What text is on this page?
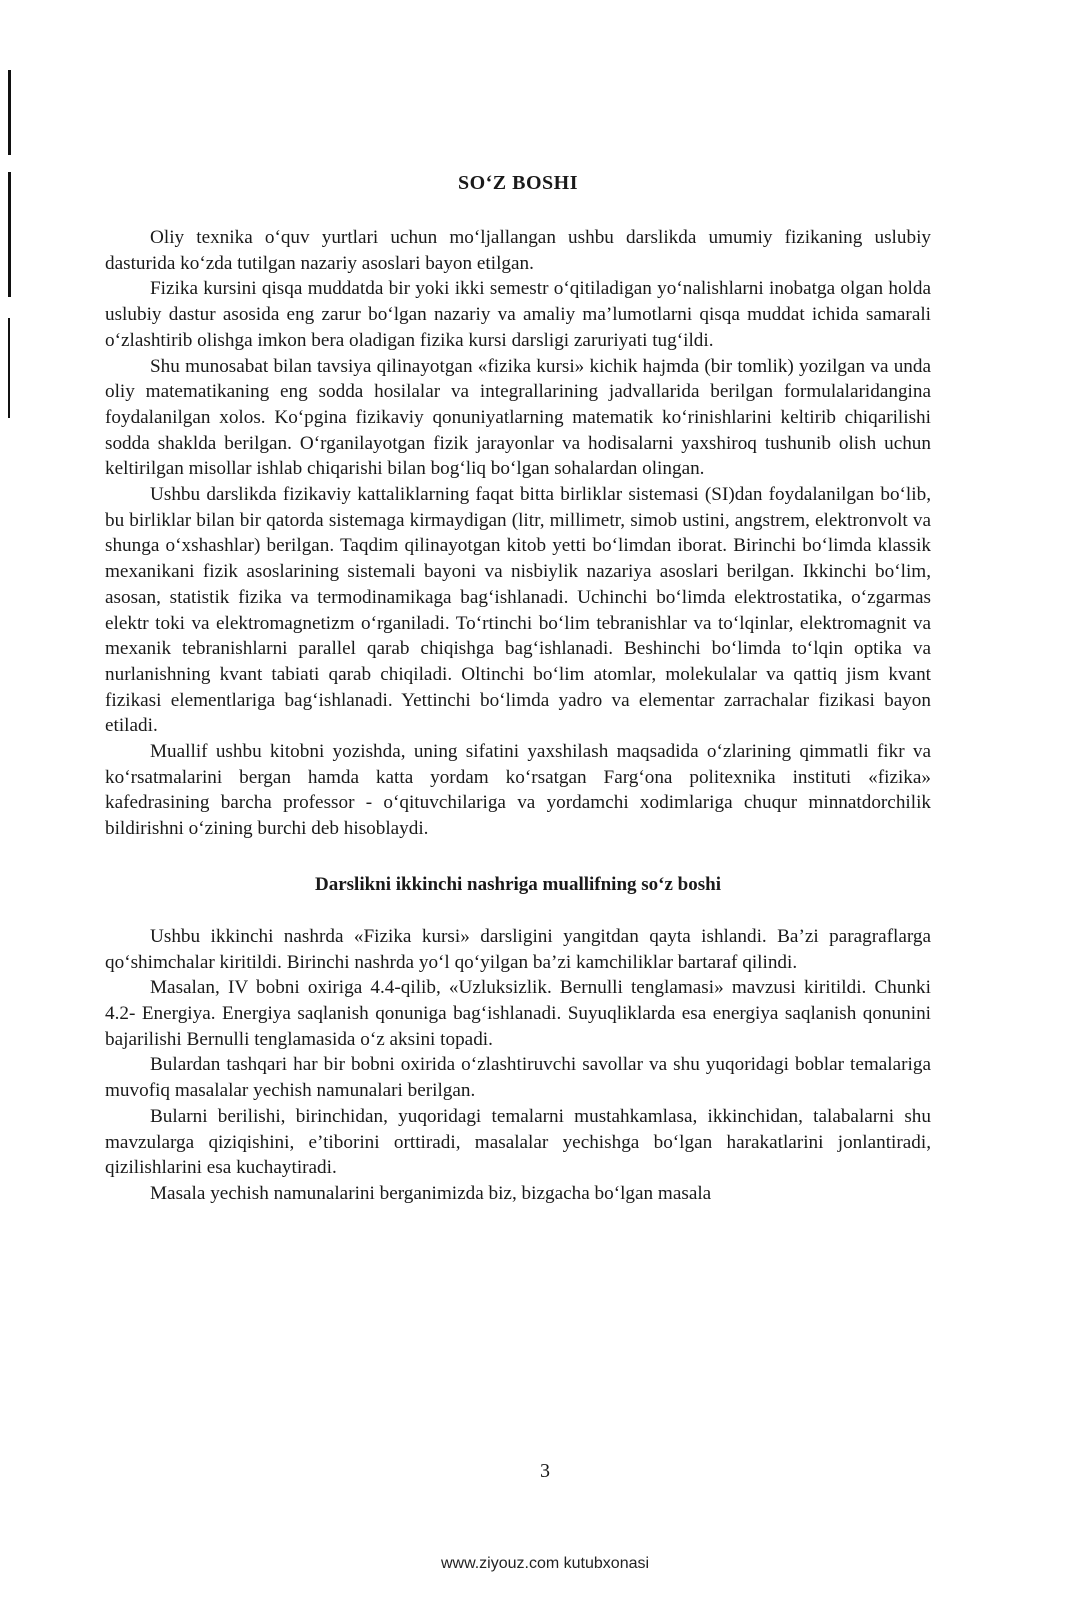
SO‘Z BOSHI

Oliy texnika o‘quv yurtlari uchun mo‘ljallangan ushbu darslikda umumiy fizikaning uslubiy dasturida ko‘zda tutilgan nazariy asoslari bayon etilgan.

Fizika kursini qisqa muddatda bir yoki ikki semestr o‘qitiladigan yo‘nalishlarni inobatga olgan holda uslubiy dastur asosida eng zarur bo‘lgan nazariy va amaliy ma’lumotlarni qisqa muddat ichida samarali o‘zlashtirib olishga imkon bera oladigan fizika kursi darsligi zaruriyati tug‘ildi.

Shu munosabat bilan tavsiya qilinayotgan «fizika kursi» kichik hajmda (bir tomlik) yozilgan va unda oliy matematikaning eng sodda hosilalar va integrallarining jadvallarida berilgan formulalaridangina foydalanilgan xolos. Ko‘pgina fizikaviy qonuniyatlarning matematik ko‘rinishlarini keltirib chiqarilishi sodda shaklda berilgan. O‘rganilayotgan fizik jarayonlar va hodisalarni yaxshiroq tushunib olish uchun keltirilgan misollar ishlab chiqarishi bilan bog‘liq bo‘lgan sohalardan olingan.

Ushbu darslikda fizikaviy kattaliklarning faqat bitta birliklar sistemasi (SI)dan foydalanilgan bo‘lib, bu birliklar bilan bir qatorda sistemaga kirmaydigan (litr, millimetr, simob ustini, angstrem, elektronvolt va shunga o‘xshashlar) berilgan. Taqdim qilinayotgan kitob yetti bo‘limdan iborat. Birinchi bo‘limda klassik mexanikani fizik asoslarining sistemali bayoni va nisbiylik nazariya asoslari berilgan. Ikkinchi bo‘lim, asosan, statistik fizika va termodinamikaga bag‘ishlanadi. Uchinchi bo‘limda elektrostatika, o‘zgarmas elektr toki va elektromagnetizm o‘rganiladi. To‘rtinchi bo‘lim tebranishlar va to‘lqinlar, elektromagnit va mexanik tebranishlarni parallel qarab chiqishga bag‘ishlanadi. Beshinchi bo‘limda to‘lqin optika va nurlanishning kvant tabiati qarab chiqiladi. Oltinchi bo‘lim atomlar, molekulalar va qattiq jism kvant fizikasi elementlariga bag‘ishlanadi. Yettinchi bo‘limda yadro va elementar zarrachalar fizikasi bayon etiladi.

Muallif ushbu kitobni yozishda, uning sifatini yaxshilash maqsadida o‘zlarining qimmatli fikr va ko‘rsatmalarini bergan hamda katta yordam ko‘rsatgan Farg‘ona politexnika instituti «fizika» kafedrasining barcha professor - o‘qituvchilariga va yordamchi xodimlariga chuqur minnatdorchilik bildirishni o‘zining burchi deb hisoblaydi.

Darslikni ikkinchi nashriga muallifning so‘z boshi

Ushbu ikkinchi nashrda «Fizika kursi» darsligini yangitdan qayta ishlandi. Ba’zi paragraflarga qo‘shimchalar kiritildi. Birinchi nashrda yo‘l qo‘yilgan ba’zi kamchiliklar bartaraf qilindi.

Masalan, IV bobni oxiriga 4.4-qilib, «Uzluksizlik. Bernulli tenglamasi» mavzusi kiritildi. Chunki 4.2- Energiya. Energiya saqlanish qonuniga bag‘ishlanadi. Suyuqliklarda esa energiya saqlanish qonunini bajarilishi Bernulli tenglamasida o‘z aksini topadi.

Bulardan tashqari har bir bobni oxirida o‘zlashtiruvchi savollar va shu yuqoridagi boblar temalariga muvofiq masalalar yechish namunalari berilgan.

Bularni berilishi, birinchidan, yuqoridagi temalarni mustahkamlasa, ikkinchidan, talabalarni shu mavzularga qiziqishini, e’tiborini orttiradi, masalalar yechishga bo‘lgan harakatlarini jonlantiradi, qizilishlarini esa kuchaytiradi.

Masala yechish namunalarini berganimizda biz, bizgacha bo‘lgan masala

3
www.ziyouz.com kutubxonasi
